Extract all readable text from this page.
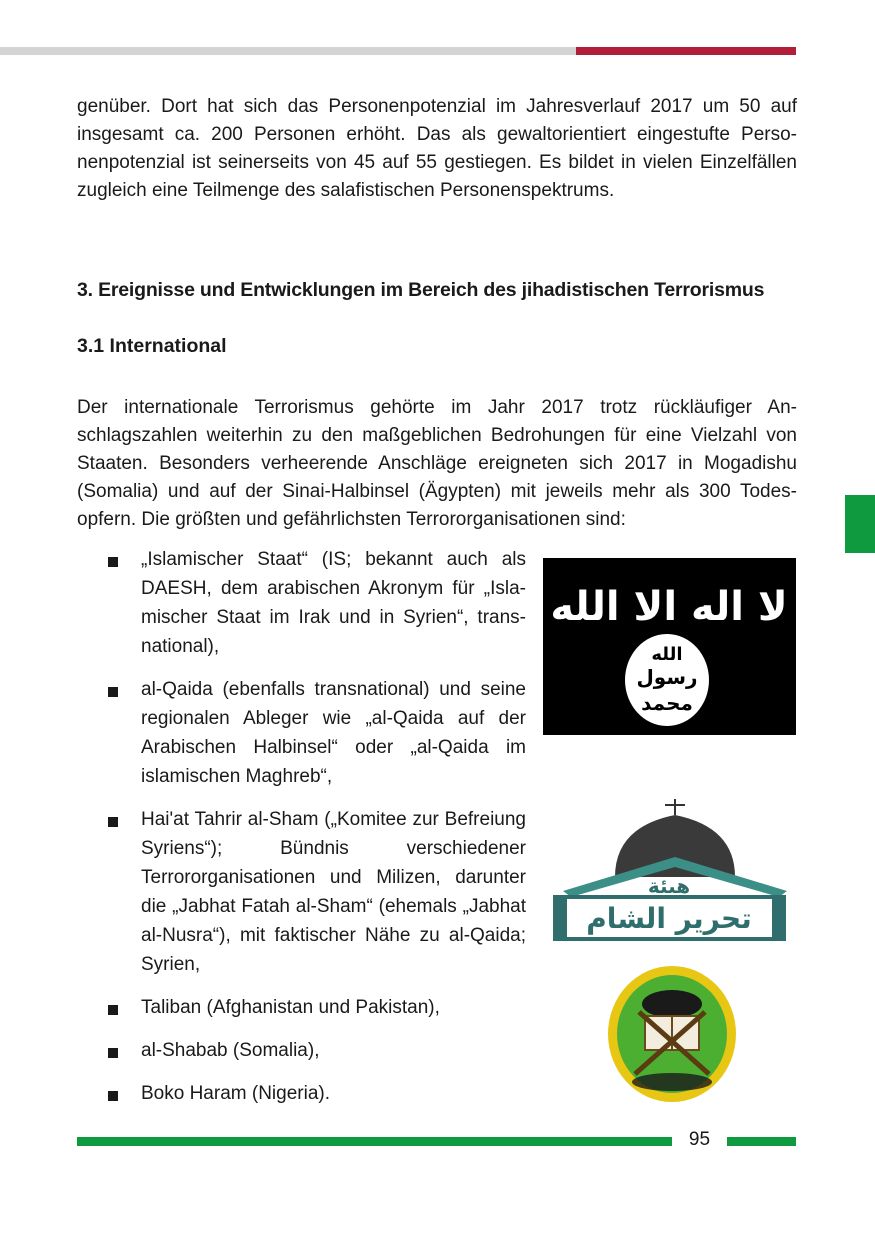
genüber. Dort hat sich das Personenpotenzial im Jahresverlauf 2017 um 50 auf insgesamt ca. 200 Personen erhöht. Das als gewaltorientiert eingestufte Personenpotenzial ist seinerseits von 45 auf 55 gestiegen. Es bildet in vielen Einzelfällen zugleich eine Teilmenge des salafistischen Personenspektrums.

3. Ereignisse und Entwicklungen im Bereich des jihadistischen Terrorismus
3.1 International

Der internationale Terrorismus gehörte im Jahr 2017 trotz rückläufiger Anschlagszahlen weiterhin zu den maßgeblichen Bedrohungen für eine Vielzahl von Staaten. Besonders verheerende Anschläge ereigneten sich 2017 in Mogadishu (Somalia) und auf der Sinai-Halbinsel (Ägypten) mit jeweils mehr als 300 Todesopfern. Die größten und gefährlichsten Terrororganisationen sind:

„Islamischer Staat“ (IS; bekannt auch als DAESH, dem arabischen Akronym für „Islamischer Staat im Irak und in Syrien“, transnational),
al-Qaida (ebenfalls transnational) und seine regionalen Ableger wie „al-Qaida auf der Arabischen Halbinsel“ oder „al-Qaida im islamischen Maghreb“,
Hai'at Tahrir al-Sham („Komitee zur Befreiung Syriens“); Bündnis verschiedener Terrororganisationen und Milizen, darunter die „Jabhat Fatah al-Sham“ (ehemals „Jabhat al-Nusra“), mit faktischer Nähe zu al-Qaida; Syrien,
Taliban (Afghanistan und Pakistan),
al-Shabab (Somalia),
Boko Haram (Nigeria).
لا اله الا الله
الله
رسول
محمد
هيئة
تحرير الشام
95
